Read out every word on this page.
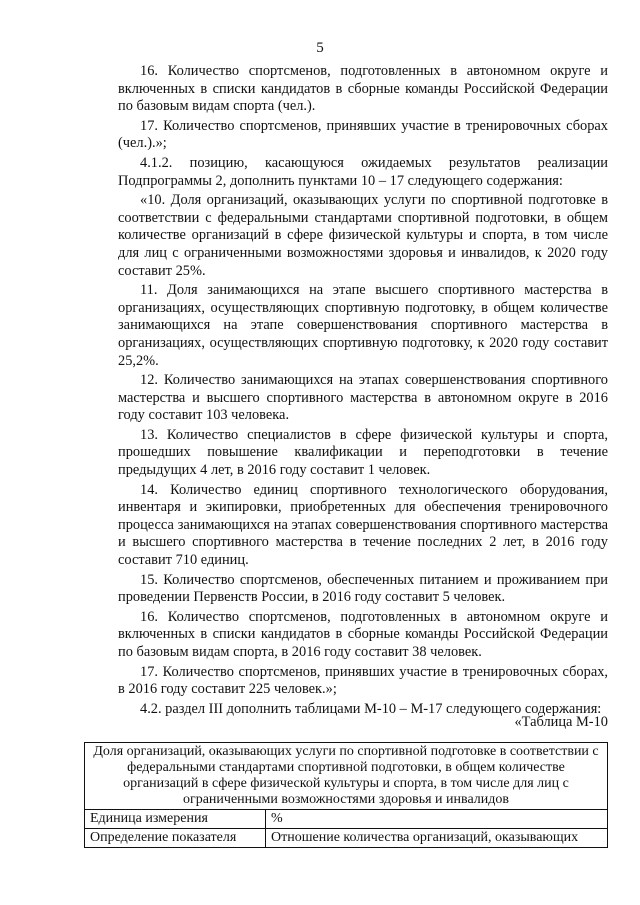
5

16. Количество спортсменов, подготовленных в автономном округе и включенных в списки кандидатов в сборные команды Российской Федерации по базовым видам спорта (чел.).

17. Количество спортсменов, принявших участие в тренировочных сборах (чел.).»;

4.1.2. позицию, касающуюся ожидаемых результатов реализации Подпрограммы 2, дополнить пунктами 10 – 17 следующего содержания:

«10. Доля организаций, оказывающих услуги по спортивной подготовке в соответствии с федеральными стандартами спортивной подготовки, в общем количестве организаций в сфере физической культуры и спорта, в том числе для лиц с ограниченными возможностями здоровья и инвалидов, к 2020 году составит 25%.

11. Доля занимающихся на этапе высшего спортивного мастерства в организациях, осуществляющих спортивную подготовку, в общем количестве занимающихся на этапе совершенствования спортивного мастерства в организациях, осуществляющих спортивную подготовку, к 2020 году составит 25,2%.

12. Количество занимающихся на этапах совершенствования спортивного мастерства и высшего спортивного мастерства в автономном округе в 2016 году составит 103 человека.

13. Количество специалистов в сфере физической культуры и спорта, прошедших повышение квалификации и переподготовки в течение предыдущих 4 лет, в 2016 году составит 1 человек.

14. Количество единиц спортивного технологического оборудования, инвентаря и экипировки, приобретенных для обеспечения тренировочного процесса занимающихся на этапах совершенствования спортивного мастерства и высшего спортивного мастерства в течение последних 2 лет, в 2016 году составит 710 единиц.

15. Количество спортсменов, обеспеченных питанием и проживанием при проведении Первенств России, в 2016 году составит 5 человек.

16. Количество спортсменов, подготовленных в автономном округе и включенных в списки кандидатов в сборные команды Российской Федерации по базовым видам спорта, в 2016 году составит 38 человек.

17. Количество спортсменов, принявших участие в тренировочных сборах, в 2016 году составит 225 человек.»;

4.2. раздел III дополнить таблицами М-10 – М-17 следующего содержания:

«Таблица М-10
Доля организаций, оказывающих услуги по спортивной подготовке в соответствии с федеральными стандартами спортивной подготовки, в общем количестве организаций в сфере физической культуры и спорта, в том числе для лиц с ограниченными возможностями здоровья и инвалидов	
Единица измерения	%
Определение показателя	Отношение количества организаций, оказывающих
